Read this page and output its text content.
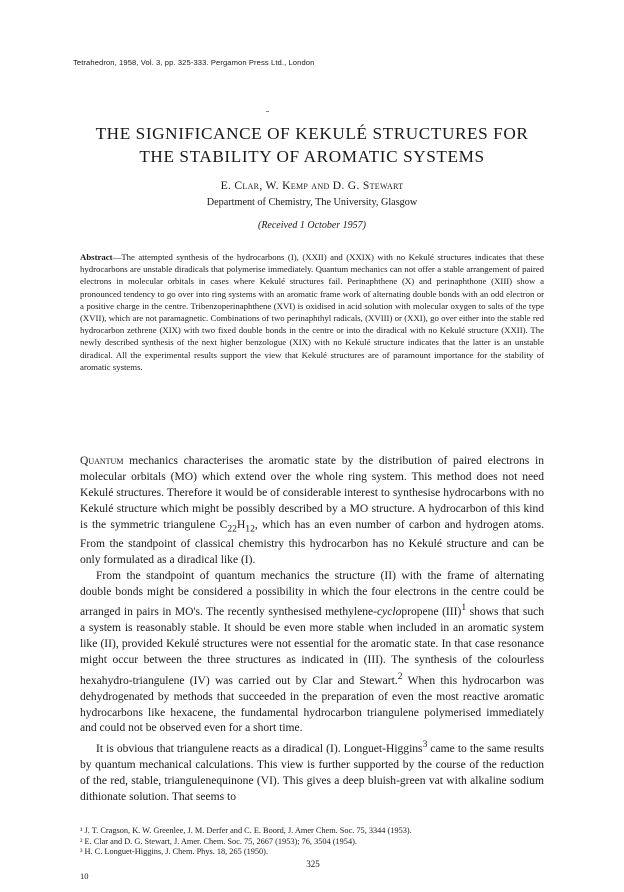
Tetrahedron, 1958, Vol. 3, pp. 325-333. Pergamon Press Ltd., London
THE SIGNIFICANCE OF KEKULÉ STRUCTURES FOR
THE STABILITY OF AROMATIC SYSTEMS
E. Clar, W. Kemp and D. G. Stewart
Department of Chemistry, The University, Glasgow
(Received 1 October 1957)
Abstract—The attempted synthesis of the hydrocarbons (I), (XXII) and (XXIX) with no Kekulé structures indicates that these hydrocarbons are unstable diradicals that polymerise immediately. Quantum mechanics can not offer a stable arrangement of paired electrons in molecular orbitals in cases where Kekulé structures fail. Perinaphthene (X) and perinaphthone (XIII) show a pronounced tendency to go over into ring systems with an aromatic frame work of alternating double bonds with an odd electron or a positive charge in the centre. Tribenzoperinaphthene (XVI) is oxidised in acid solution with molecular oxygen to salts of the type (XVII), which are not paramagnetic. Combinations of two perinaphthyl radicals, (XVIII) or (XXI), go over either into the stable red hydrocarbon zethrene (XIX) with two fixed double bonds in the centre or into the diradical with no Kekulé structure (XXII). The newly described synthesis of the next higher benzologue (XIX) with no Kekulé structure indicates that the latter is an unstable diradical. All the experimental results support the view that Kekulé structures are of paramount importance for the stability of aromatic systems.

Quantum mechanics characterises the aromatic state by the distribution of paired electrons in molecular orbitals (MO) which extend over the whole ring system. This method does not need Kekulé structures. Therefore it would be of considerable interest to synthesise hydrocarbons with no Kekulé structure which might be possibly described by a MO structure. A hydrocarbon of this kind is the symmetric triangulene $C_{22}H_{12}$, which has an even number of carbon and hydrogen atoms. From the standpoint of classical chemistry this hydrocarbon has no Kekulé structure and can be only formulated as a diradical like (I).

From the standpoint of quantum mechanics the structure (II) with the frame of alternating double bonds might be considered a possibility in which the four electrons in the centre could be arranged in pairs in MO's. The recently synthesised methylene-cyclopropene (III)$^1$ shows that such a system is reasonably stable. It should be even more stable when included in an aromatic system like (II), provided Kekulé structures were not essential for the aromatic state. In that case resonance might occur between the three structures as indicated in (III). The synthesis of the colourless hexahydro-triangulene (IV) was carried out by Clar and Stewart.$^2$ When this hydrocarbon was dehydrogenated by methods that succeeded in the preparation of even the most reactive aromatic hydrocarbons like hexacene, the fundamental hydrocarbon triangulene polymerised immediately and could not be observed even for a short time.

It is obvious that triangulene reacts as a diradical (I). Longuet-Higgins$^3$ came to the same results by quantum mechanical calculations. This view is further supported by the course of the reduction of the red, stable, triangulenequinone (VI). This gives a deep bluish-green vat with alkaline sodium dithionate solution. That seems to

¹ J. T. Cragson, K. W. Greenlee, J. M. Derfer and C. E. Boord, J. Amer Chem. Soc. 75, 3344 (1953).
² E. Clar and D. G. Stewart, J. Amer. Chem. Soc. 75, 2667 (1953); 76, 3504 (1954).
³ H. C. Longuet-Higgins, J. Chem. Phys. 18, 265 (1950).
325
10
